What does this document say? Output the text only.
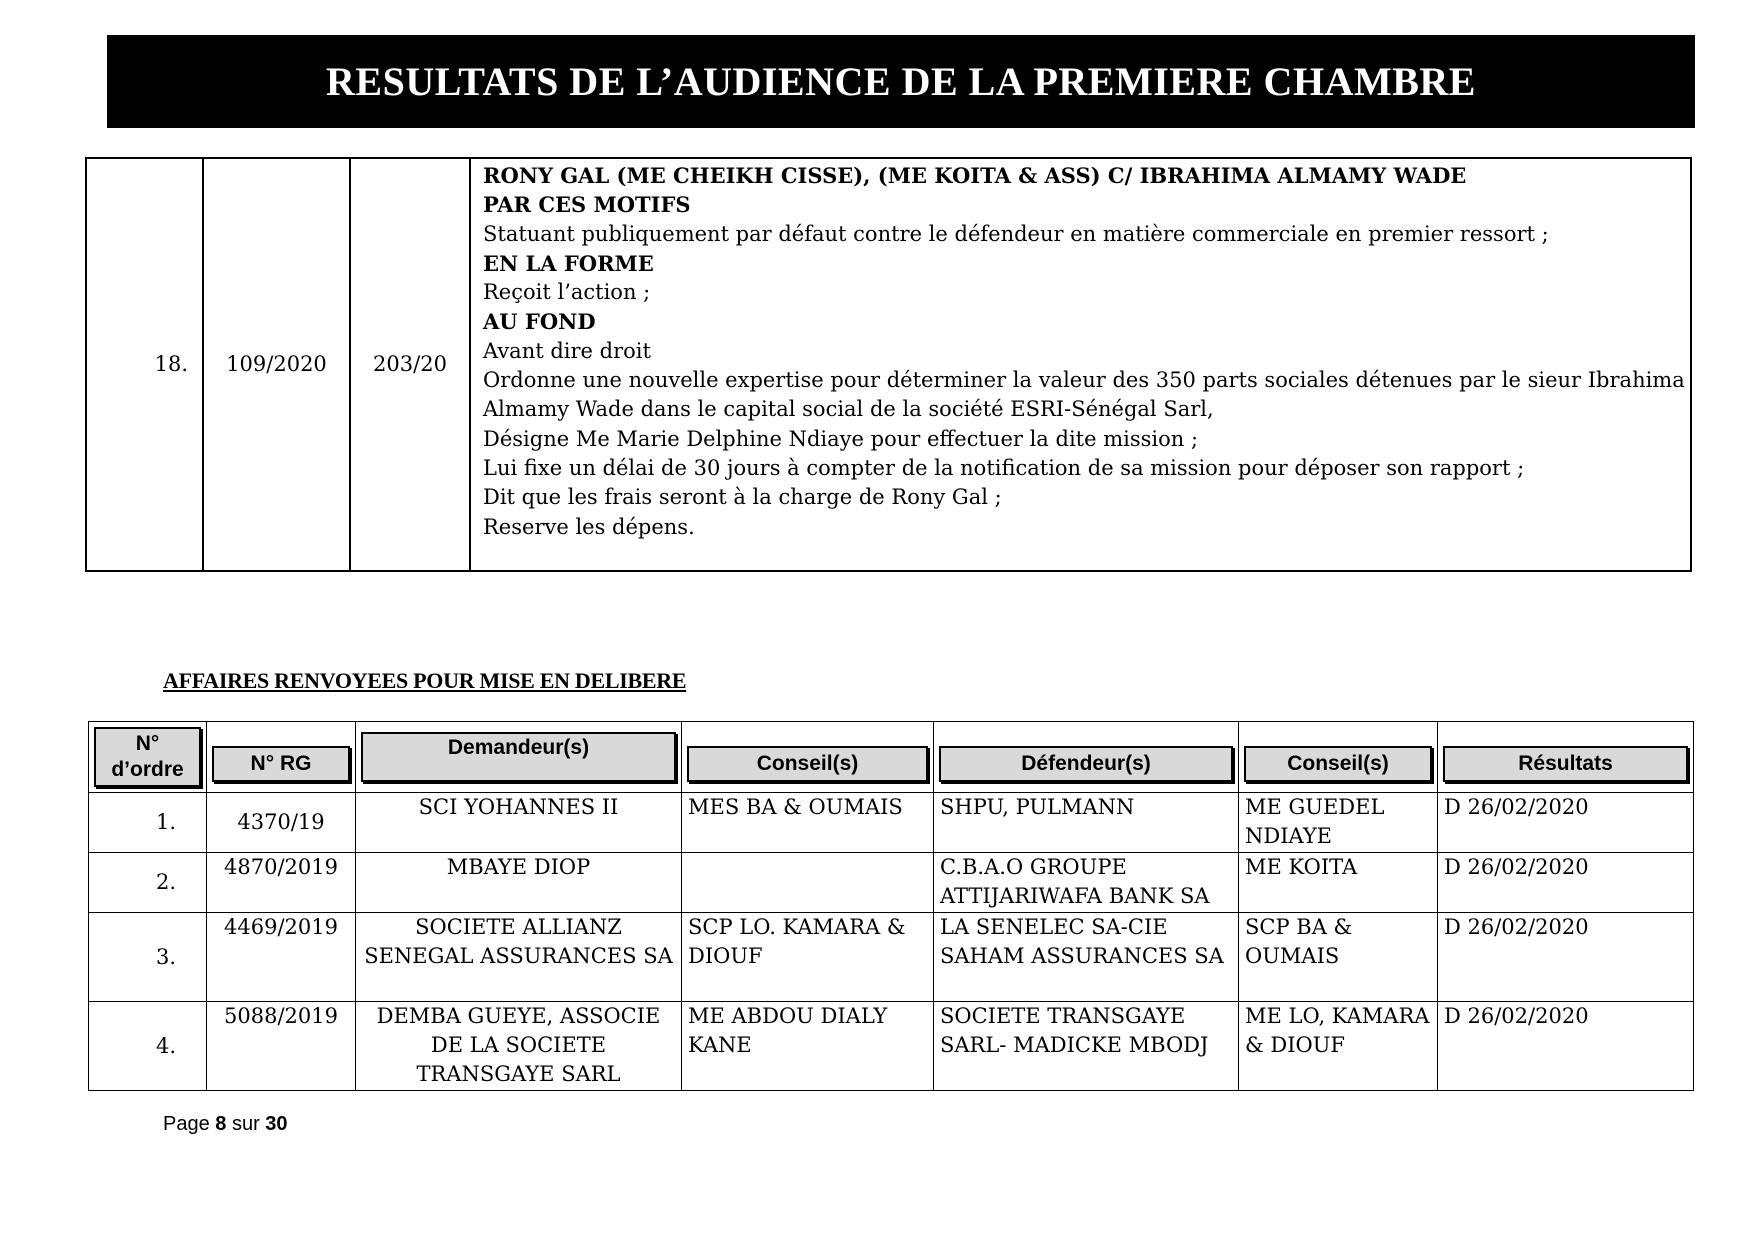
RESULTATS DE L’AUDIENCE DE LA PREMIERE CHAMBRE
18.	109/2020	203/20	
RONY GAL (ME CHEIKH CISSE), (ME KOITA & ASS) C/ IBRAHIMA ALMAMY WADE
PAR CES MOTIFS
Statuant publiquement par défaut contre le défendeur en matière commerciale en premier ressort ;
EN LA FORME
Reçoit l’action ;
AU FOND
Avant dire droit
Ordonne une nouvelle expertise pour déterminer la valeur des 350 parts sociales détenues par le sieur Ibrahima
Almamy Wade dans le capital social de la société ESRI-Sénégal Sarl,
Désigne Me Marie Delphine Ndiaye pour effectuer la dite mission ;
Lui fixe un délai de 30 jours à compter de la notification de sa mission pour déposer son rapport ;
Dit que les frais seront à la charge de Rony Gal ;
Reserve les dépens.
AFFAIRES RENVOYEES POUR MISE EN DELIBERE
N°
d’ordre	N° RG	Demandeur(s)	Conseil(s)	Défendeur(s)	Conseil(s)	Résultats

1.	4370/19	SCI YOHANNES II	MES BA & OUMAIS	SHPU, PULMANN	ME GUEDEL NDIAYE	D 26/02/2020
2.	4870/2019	MBAYE DIOP		C.B.A.O GROUPE ATTIJARIWAFA BANK SA	ME KOITA	D 26/02/2020
3.	4469/2019	SOCIETE ALLIANZ SENEGAL ASSURANCES SA	SCP LO. KAMARA & DIOUF	LA SENELEC SA-CIE SAHAM ASSURANCES SA	SCP BA & OUMAIS	D 26/02/2020
4.	5088/2019	DEMBA GUEYE, ASSOCIE DE LA SOCIETE TRANSGAYE SARL	ME ABDOU DIALY KANE	SOCIETE TRANSGAYE SARL- MADICKE MBODJ	ME LO, KAMARA & DIOUF	D 26/02/2020
Page 8 sur 30
